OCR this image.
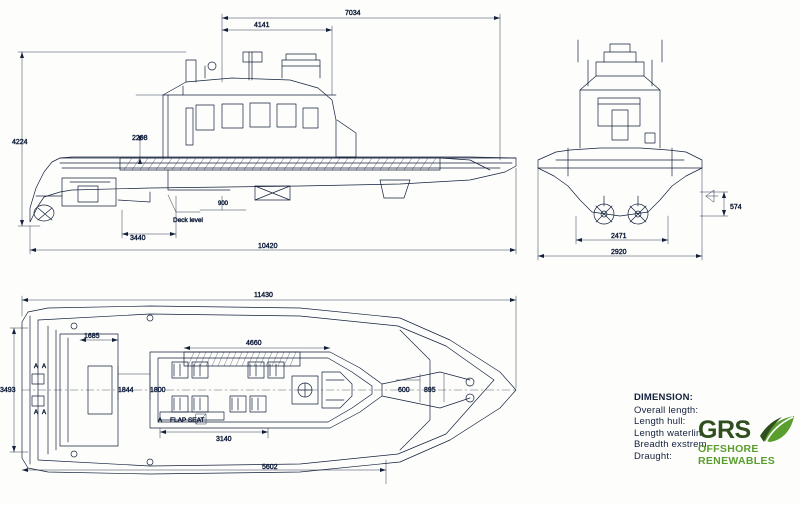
7034
4141
4224
2298
900
Deck level
3440
10420
574
2471
2920
11430
3493
1685
4660
1844 1800	600 895
3140
5602
A A
A A
A FLAP SEAT
DIMENSION:
Overall length:
Length hull:
Length waterlin
Breadth exstrem
Draught:
GRS
OFFSHORE
RENEWABLES
